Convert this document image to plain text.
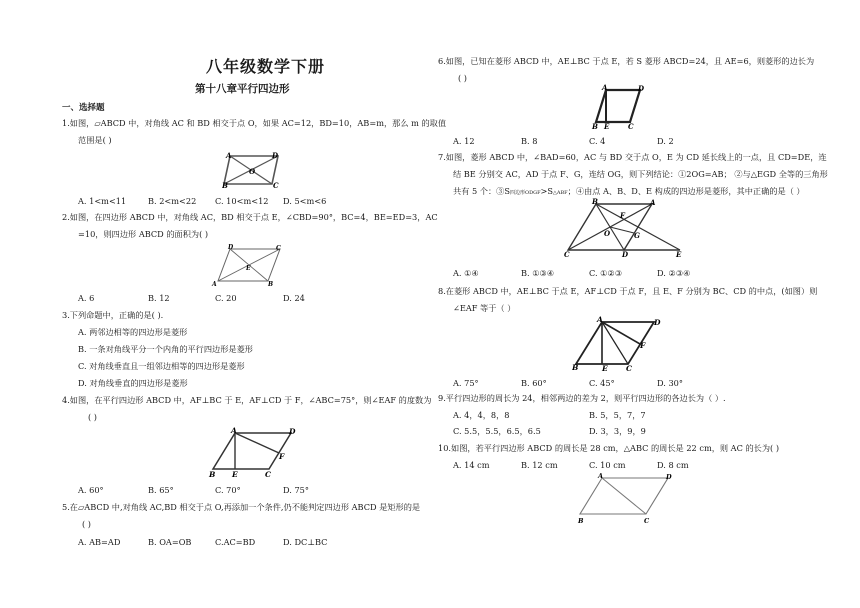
八年级数学下册
第十八章平行四边形
一、选择题
1.如图，▱ABCD 中，对角线 AC 和 BD 相交于点 O，如果 AC=12，BD=10，AB=m，那么 m 的取值
范围是( )
A	D
O
B	C
A. 1<m<11	B. 2<m<22 C. 10<m<12 D. 5<m<6
2.如图，在四边形 ABCD 中，对角线 AC，BD 相交于点 E，∠CBD=90°，BC=4，BE=ED=3，AC
=10，则四边形 ABCD 的面积为( )
D	C
E
A	B
A. 6	B. 12	C. 20	D. 24
3.下列命题中，正确的是( ).
A. 两邻边相等的四边形是菱形
B. 一条对角线平分一个内角的平行四边形是菱形
C. 对角线垂直且一组邻边相等的四边形是菱形
D. 对角线垂直的四边形是菱形
4.如图，在平行四边形 ABCD 中，AF⊥BC 于 E，AF⊥CD 于 F，∠ABC=75°，则∠EAF 的度数为
( )
A	D
F
B E	C
A. 60°	B. 65°	C. 70°	D. 75°
5.在▱ABCD 中,对角线 AC,BD 相交于点 O,再添加一个条件,仍不能判定四边形 ABCD 是矩形的是
( )
A. AB=AD	B. OA=OB	C.AC=BD	D. DC⊥BC
6.如图，已知在菱形 ABCD 中，AE⊥BC 于点 E，若 S 菱形 ABCD=24，且 AE=6，则菱形的边长为
( )
A	D
B E	C
A. 12	B. 8	C. 4	D. 2
7.如图，菱形 ABCD 中，∠BAD=60，AC 与 BD 交于点 O，E 为 CD 延长线上的一点，且 CD=DE，连
结 BE 分别交 AC，AD 于点 F、G，连结 OG，则下列结论：①2OG=AB； ②与△EGD 全等的三角形
共有 5 个：③S四边形ODGF>S△ABF；④由点 A、B、D、E 构成的四边形是菱形，其中正确的是（ ）
B	A
F
O	G
C	D	E
A. ①④	B. ①③④	C. ①②③	D. ②③④
8.在菱形 ABCD 中，AE⊥BC 于点 E，AF⊥CD 于点 F，且 E、F 分别为 BC、CD 的中点，(如图）则
∠EAF 等于（ ）
A	D
F
B	E C
A. 75°	B. 60°	C. 45°	D. 30°
9.平行四边形的周长为 24，相邻两边的差为 2，则平行四边形的各边长为（ ）.
A. 4，4，8，8	B. 5，5，7，7
C. 5.5，5.5，6.5，6.5	D. 3，3，9，9
10.如图，若平行四边形 ABCD 的周长是 28 cm，△ABC 的周长是 22 cm，则 AC 的长为( )
A. 14 cm	B. 12 cm	C. 10 cm	D. 8 cm
A	D
B	C
